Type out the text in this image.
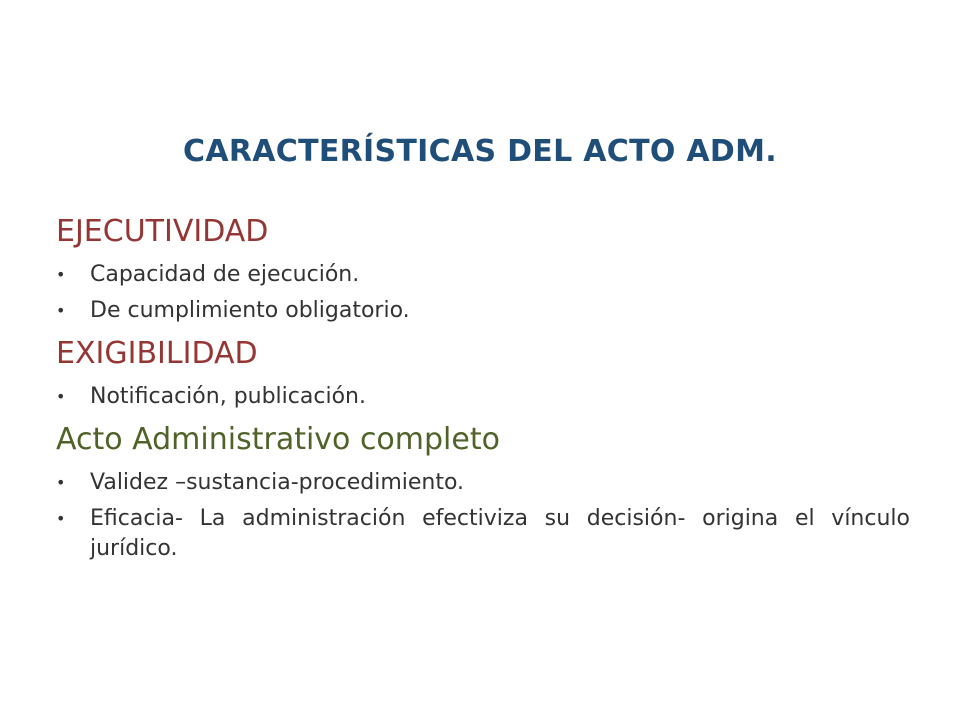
CARACTERÍSTICAS DEL ACTO ADM.
EJECUTIVIDAD
• Capacidad de ejecución.
• De cumplimiento obligatorio.
EXIGIBILIDAD
• Notificación, publicación.
Acto Administrativo completo
• Validez –sustancia-procedimiento.
• Eficacia- La administración efectiviza su decisión- origina el vínculo jurídico.
